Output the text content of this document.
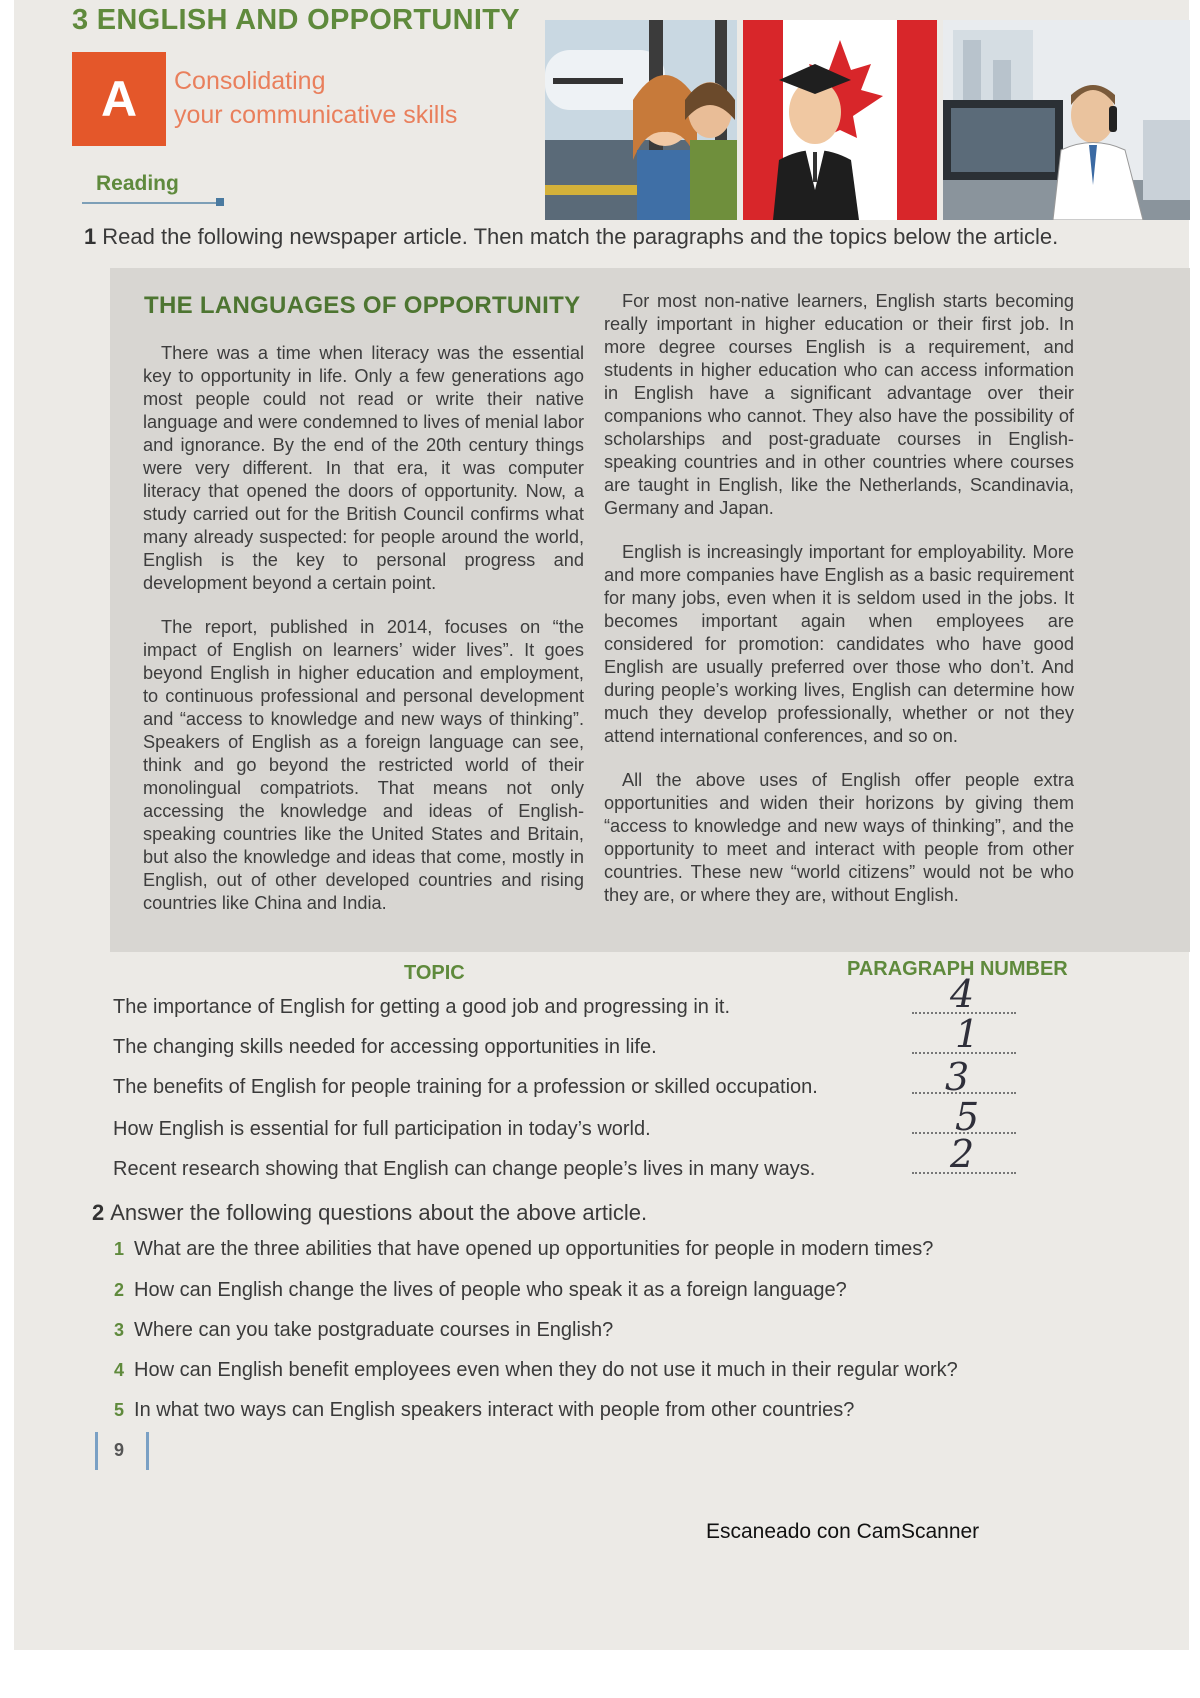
3 ENGLISH AND OPPORTUNITY
A	Consolidating
your communicative skills
Reading
1 Read the following newspaper article. Then match the paragraphs and the topics below the article.
THE LANGUAGES OF OPPORTUNITY

There was a time when literacy was the essential key to opportunity in life. Only a few generations ago most people could not read or write their native language and were condemned to lives of menial labor and ignorance. By the end of the 20th century things were very different. In that era, it was computer literacy that opened the doors of opportunity. Now, a study carried out for the British Council confirms what many already suspected: for people around the world, English is the key to personal progress and development beyond a certain point.

The report, published in 2014, focuses on “the impact of English on learners’ wider lives”. It goes beyond English in higher education and employment, to continuous professional and personal development and “access to knowledge and new ways of thinking”. Speakers of English as a foreign language can see, think and go beyond the restricted world of their monolingual compatriots. That means not only accessing the knowledge and ideas of English-speaking countries like the United States and Britain, but also the knowledge and ideas that come, mostly in English, out of other developed countries and rising countries like China and India.

For most non-native learners, English starts becoming really important in higher education or their first job. In more degree courses English is a requirement, and students in higher education who can access information in English have a significant advantage over their companions who cannot. They also have the possibility of scholarships and post-graduate courses in English-speaking countries and in other countries where courses are taught in English, like the Netherlands, Scandinavia, Germany and Japan.

English is increasingly important for employability. More and more companies have English as a basic requirement for many jobs, even when it is seldom used in the jobs. It becomes important again when employees are considered for promotion: candidates who have good English are usually preferred over those who don’t. And during people’s working lives, English can determine how much they develop professionally, whether or not they attend international conferences, and so on.

All the above uses of English offer people extra opportunities and widen their horizons by giving them “access to knowledge and new ways of thinking”, and the opportunity to meet and interact with people from other countries. These new “world citizens” would not be who they are, or where they are, without English.

TOPIC	PARAGRAPH NUMBER
The importance of English for getting a good job and progressing in it.	4
The changing skills needed for accessing opportunities in life.	1
The benefits of English for people training for a profession or skilled occupation.	3
How English is essential for full participation in today’s world.	5
Recent research showing that English can change people’s lives in many ways.	2
2 Answer the following questions about the above article.
1 What are the three abilities that have opened up opportunities for people in modern times?
2 How can English change the lives of people who speak it as a foreign language?
3 Where can you take postgraduate courses in English?
4 How can English benefit employees even when they do not use it much in their regular work?
5 In what two ways can English speakers interact with people from other countries?
9
Escaneado con CamScanner
